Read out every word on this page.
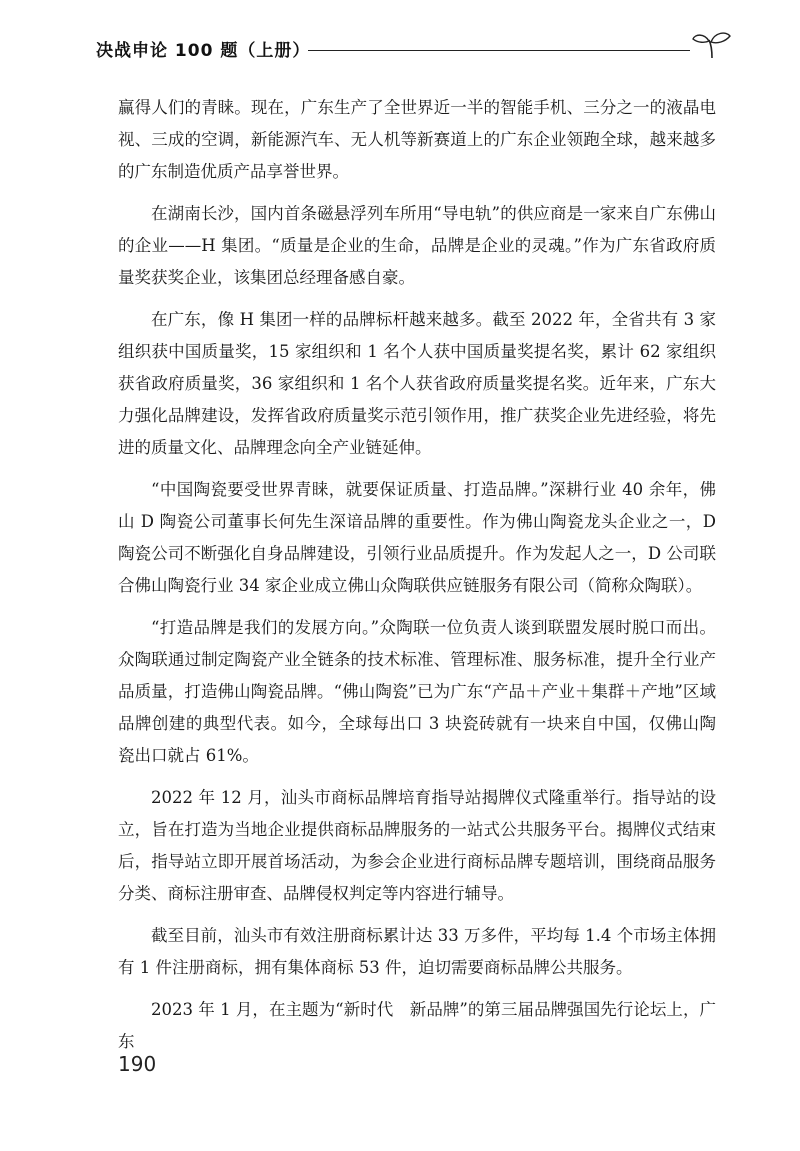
决战申论 100 题（上册）

赢得人们的青睐。现在，广东生产了全世界近一半的智能手机、三分之一的液晶电视、三成的空调，新能源汽车、无人机等新赛道上的广东企业领跑全球，越来越多的广东制造优质产品享誉世界。

在湖南长沙，国内首条磁悬浮列车所用“导电轨”的供应商是一家来自广东佛山的企业——H 集团。“质量是企业的生命，品牌是企业的灵魂。”作为广东省政府质量奖获奖企业，该集团总经理备感自豪。

在广东，像 H 集团一样的品牌标杆越来越多。截至 2022 年，全省共有 3 家组织获中国质量奖，15 家组织和 1 名个人获中国质量奖提名奖，累计 62 家组织获省政府质量奖，36 家组织和 1 名个人获省政府质量奖提名奖。近年来，广东大力强化品牌建设，发挥省政府质量奖示范引领作用，推广获奖企业先进经验，将先进的质量文化、品牌理念向全产业链延伸。

“中国陶瓷要受世界青睐，就要保证质量、打造品牌。”深耕行业 40 余年，佛山 D 陶瓷公司董事长何先生深谙品牌的重要性。作为佛山陶瓷龙头企业之一，D 陶瓷公司不断强化自身品牌建设，引领行业品质提升。作为发起人之一，D 公司联合佛山陶瓷行业 34 家企业成立佛山众陶联供应链服务有限公司（简称众陶联）。

“打造品牌是我们的发展方向。”众陶联一位负责人谈到联盟发展时脱口而出。众陶联通过制定陶瓷产业全链条的技术标准、管理标准、服务标准，提升全行业产品质量，打造佛山陶瓷品牌。“佛山陶瓷”已为广东“产品＋产业＋集群＋产地”区域品牌创建的典型代表。如今，全球每出口 3 块瓷砖就有一块来自中国，仅佛山陶瓷出口就占 61%。

2022 年 12 月，汕头市商标品牌培育指导站揭牌仪式隆重举行。指导站的设立，旨在打造为当地企业提供商标品牌服务的一站式公共服务平台。揭牌仪式结束后，指导站立即开展首场活动，为参会企业进行商标品牌专题培训，围绕商品服务分类、商标注册审查、品牌侵权判定等内容进行辅导。

截至目前，汕头市有效注册商标累计达 33 万多件，平均每 1.4 个市场主体拥有 1 件注册商标，拥有集体商标 53 件，迫切需要商标品牌公共服务。

2023 年 1 月，在主题为“新时代　新品牌”的第三届品牌强国先行论坛上，广东

190
